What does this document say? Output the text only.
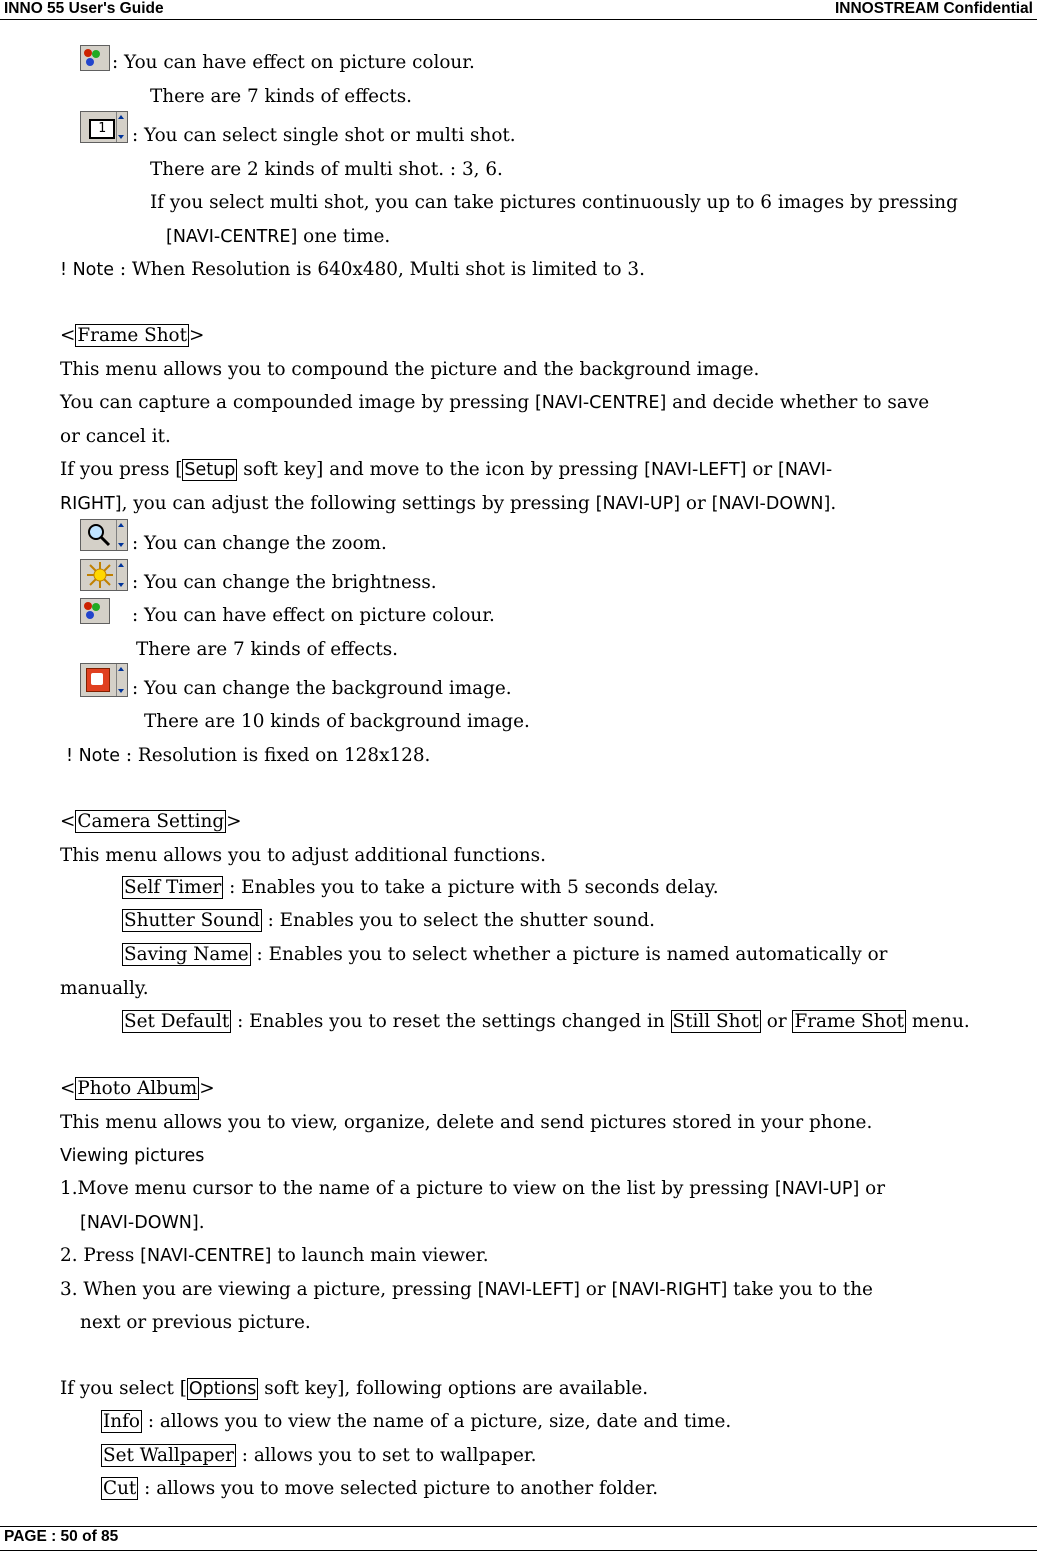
INNO 55 User's Guide	INNOSTREAM Confidential
: You can have effect on picture colour.
There are 7 kinds of effects.
1	: You can select single shot or multi shot.
There are 2 kinds of multi shot. : 3, 6.
If you select multi shot, you can take pictures continuously up to 6 images by pressing
[NAVI-CENTRE] one time.
! Note : When Resolution is 640x480, Multi shot is limited to 3.
< Frame Shot >
This menu allows you to compound the picture and the background image.
You can capture a compounded image by pressing [NAVI-CENTRE] and decide whether to save
or cancel it.
If you press [ Setup soft key] and move to the icon by pressing [NAVI-LEFT] or [NAVI-
RIGHT], you can adjust the following settings by pressing [NAVI-UP] or [NAVI-DOWN].
: You can change the zoom.
: You can change the brightness.
: You can have effect on picture colour.
There are 7 kinds of effects.
: You can change the background image.
There are 10 kinds of background image.
! Note : Resolution is fixed on 128x128.
< Camera Setting >
This menu allows you to adjust additional functions.
Self Timer : Enables you to take a picture with 5 seconds delay.
Shutter Sound : Enables you to select the shutter sound.
Saving Name : Enables you to select whether a picture is named automatically or
manually.
Set Default : Enables you to reset the settings changed in Still Shot or Frame Shot menu.
< Photo Album >
This menu allows you to view, organize, delete and send pictures stored in your phone.
Viewing pictures
1.Move menu cursor to the name of a picture to view on the list by pressing [NAVI-UP] or
[NAVI-DOWN].
2. Press [NAVI-CENTRE] to launch main viewer.
3. When you are viewing a picture, pressing [NAVI-LEFT] or [NAVI-RIGHT] take you to the
next or previous picture.
If you select [ Options soft key], following options are available.
Info : allows you to view the name of a picture, size, date and time.
Set Wallpaper : allows you to set to wallpaper.
Cut : allows you to move selected picture to another folder.
PAGE : 50 of 85
